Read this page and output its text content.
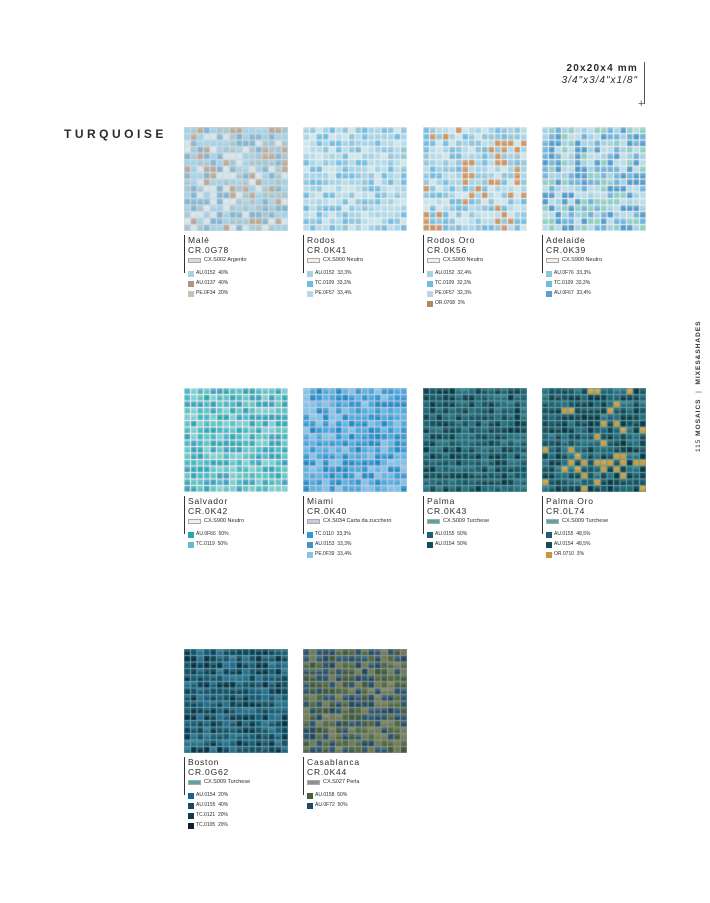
20x20x4 mm
3/4"x3/4"x1/8"
+
TURQUOISE
115 MOSAICS  |  MIXES&SHADES
Malé
CR.0G78
CX.S002 Argento
AU.0152
40%
AU.0137
40%
PE.0F34
20%
Rodos
CR.0K41
CX.S900 Neutro
AU.0152
33,3%
TC.0109
33,3%
PE.0F57
33,4%
Rodos Oro
CR.0K56
CX.S900 Neutro
AU.0152
32,4%
TC.0109
32,3%
PE.0F57
32,3%
OR.0708
3%
Adelaide
CR.0K39
CX.S900 Neutro
AU.0F76
33,3%
TC.0109
33,3%
AU.0F67
33,4%
Salvador
CR.0K42
CX.S900 Neutro
AU.0F66
50%
TC.0119
50%
Miami
CR.0K40
CX.S034 Carta da zucchero
TC.0110
33,3%
AU.0153
33,3%
PE.0F39
33,4%
Palma
CR.0K43
CX.S009 Turchese
AU.0155
50%
AU.0154
50%
Palma Oro
CR.0L74
CX.S009 Turchese
AU.0155
48,5%
AU.0154
48,5%
OR.0710
3%
Boston
CR.0G62
CX.S009 Turchese
AU.0154
20%
AU.0155
40%
TC.0121
20%
TC.0105
20%
Casablanca
CR.0K44
CX.S027 Perla
AU.0158
50%
AU.0F72
50%
